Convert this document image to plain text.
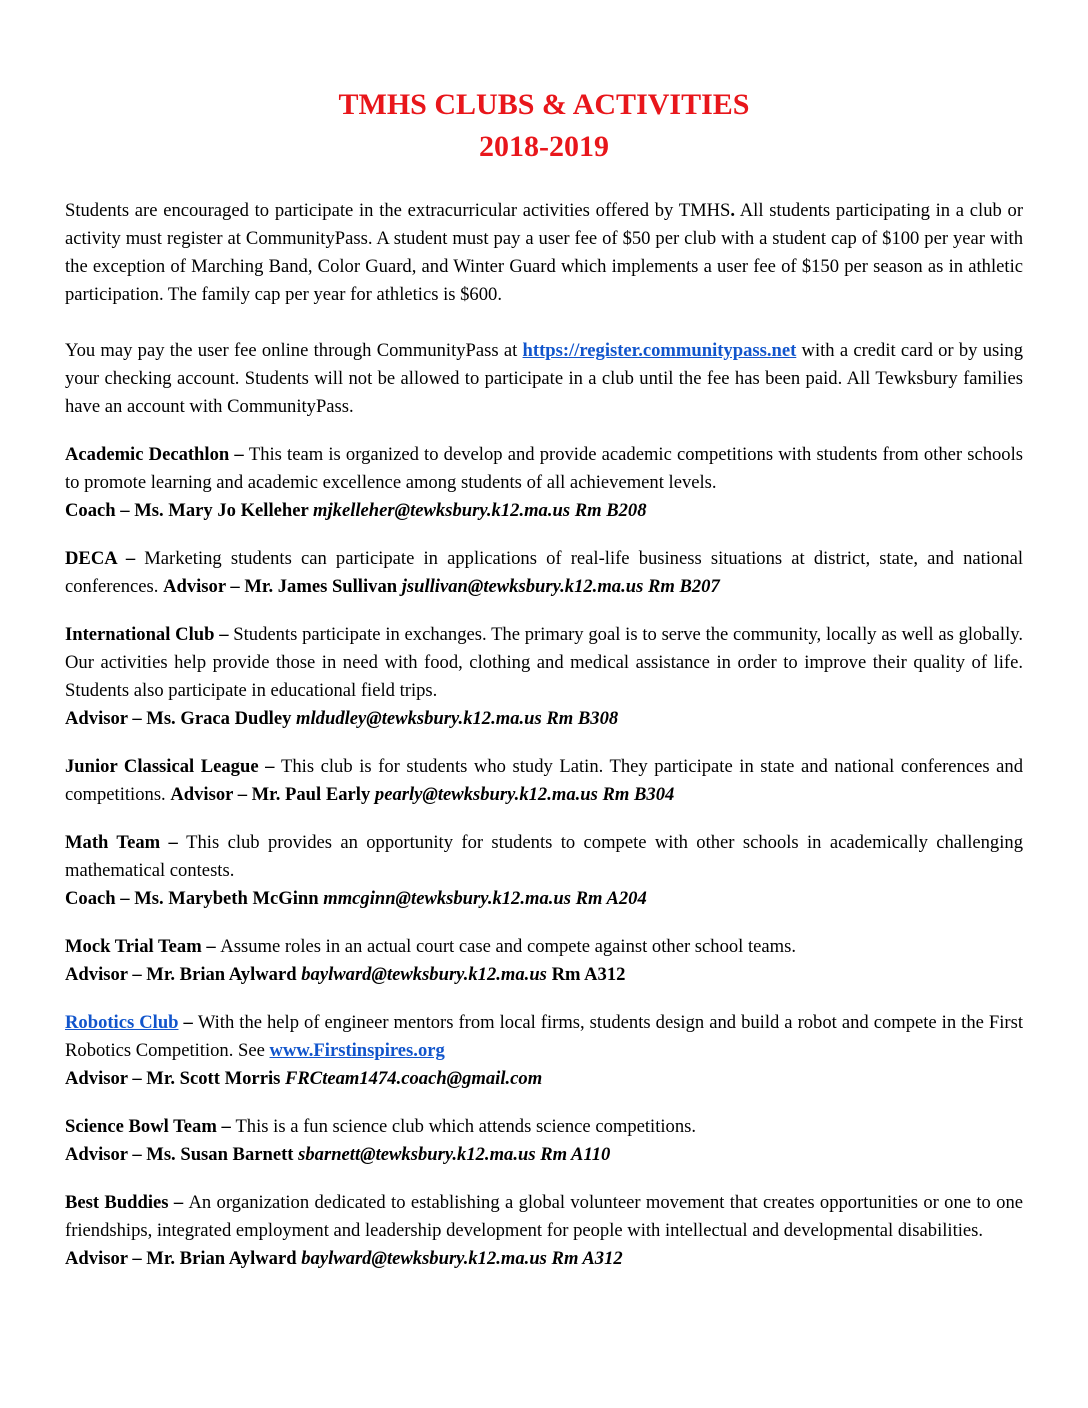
TMHS CLUBS & ACTIVITIES
2018-2019

Students are encouraged to participate in the extracurricular activities offered by TMHS. All students participating in a club or activity must register at CommunityPass. A student must pay a user fee of $50 per club with a student cap of $100 per year with the exception of Marching Band, Color Guard, and Winter Guard which implements a user fee of $150 per season as in athletic participation. The family cap per year for athletics is $600.

You may pay the user fee online through CommunityPass at https://register.communitypass.net with a credit card or by using your checking account. Students will not be allowed to participate in a club until the fee has been paid. All Tewksbury families have an account with CommunityPass.

Academic Decathlon – This team is organized to develop and provide academic competitions with students from other schools to promote learning and academic excellence among students of all achievement levels.

Coach – Ms. Mary Jo Kelleher mjkelleher@tewksbury.k12.ma.us Rm B208

DECA – Marketing students can participate in applications of real-life business situations at district, state, and national conferences. Advisor – Mr. James Sullivan jsullivan@tewksbury.k12.ma.us Rm B207

International Club – Students participate in exchanges. The primary goal is to serve the community, locally as well as globally. Our activities help provide those in need with food, clothing and medical assistance in order to improve their quality of life. Students also participate in educational field trips.

Advisor – Ms. Graca Dudley mldudley@tewksbury.k12.ma.us Rm B308

Junior Classical League – This club is for students who study Latin. They participate in state and national conferences and competitions. Advisor – Mr. Paul Early pearly@tewksbury.k12.ma.us Rm B304

Math Team – This club provides an opportunity for students to compete with other schools in academically challenging mathematical contests.

Coach – Ms. Marybeth McGinn mmcginn@tewksbury.k12.ma.us Rm A204

Mock Trial Team – Assume roles in an actual court case and compete against other school teams.

Advisor – Mr. Brian Aylward baylward@tewksbury.k12.ma.us Rm A312

Robotics Club – With the help of engineer mentors from local firms, students design and build a robot and compete in the First Robotics Competition. See www.Firstinspires.org

Advisor – Mr. Scott Morris FRCteam1474.coach@gmail.com

Science Bowl Team – This is a fun science club which attends science competitions.

Advisor – Ms. Susan Barnett sbarnett@tewksbury.k12.ma.us Rm A110

Best Buddies – An organization dedicated to establishing a global volunteer movement that creates opportunities or one to one friendships, integrated employment and leadership development for people with intellectual and developmental disabilities.

Advisor – Mr. Brian Aylward baylward@tewksbury.k12.ma.us Rm A312
